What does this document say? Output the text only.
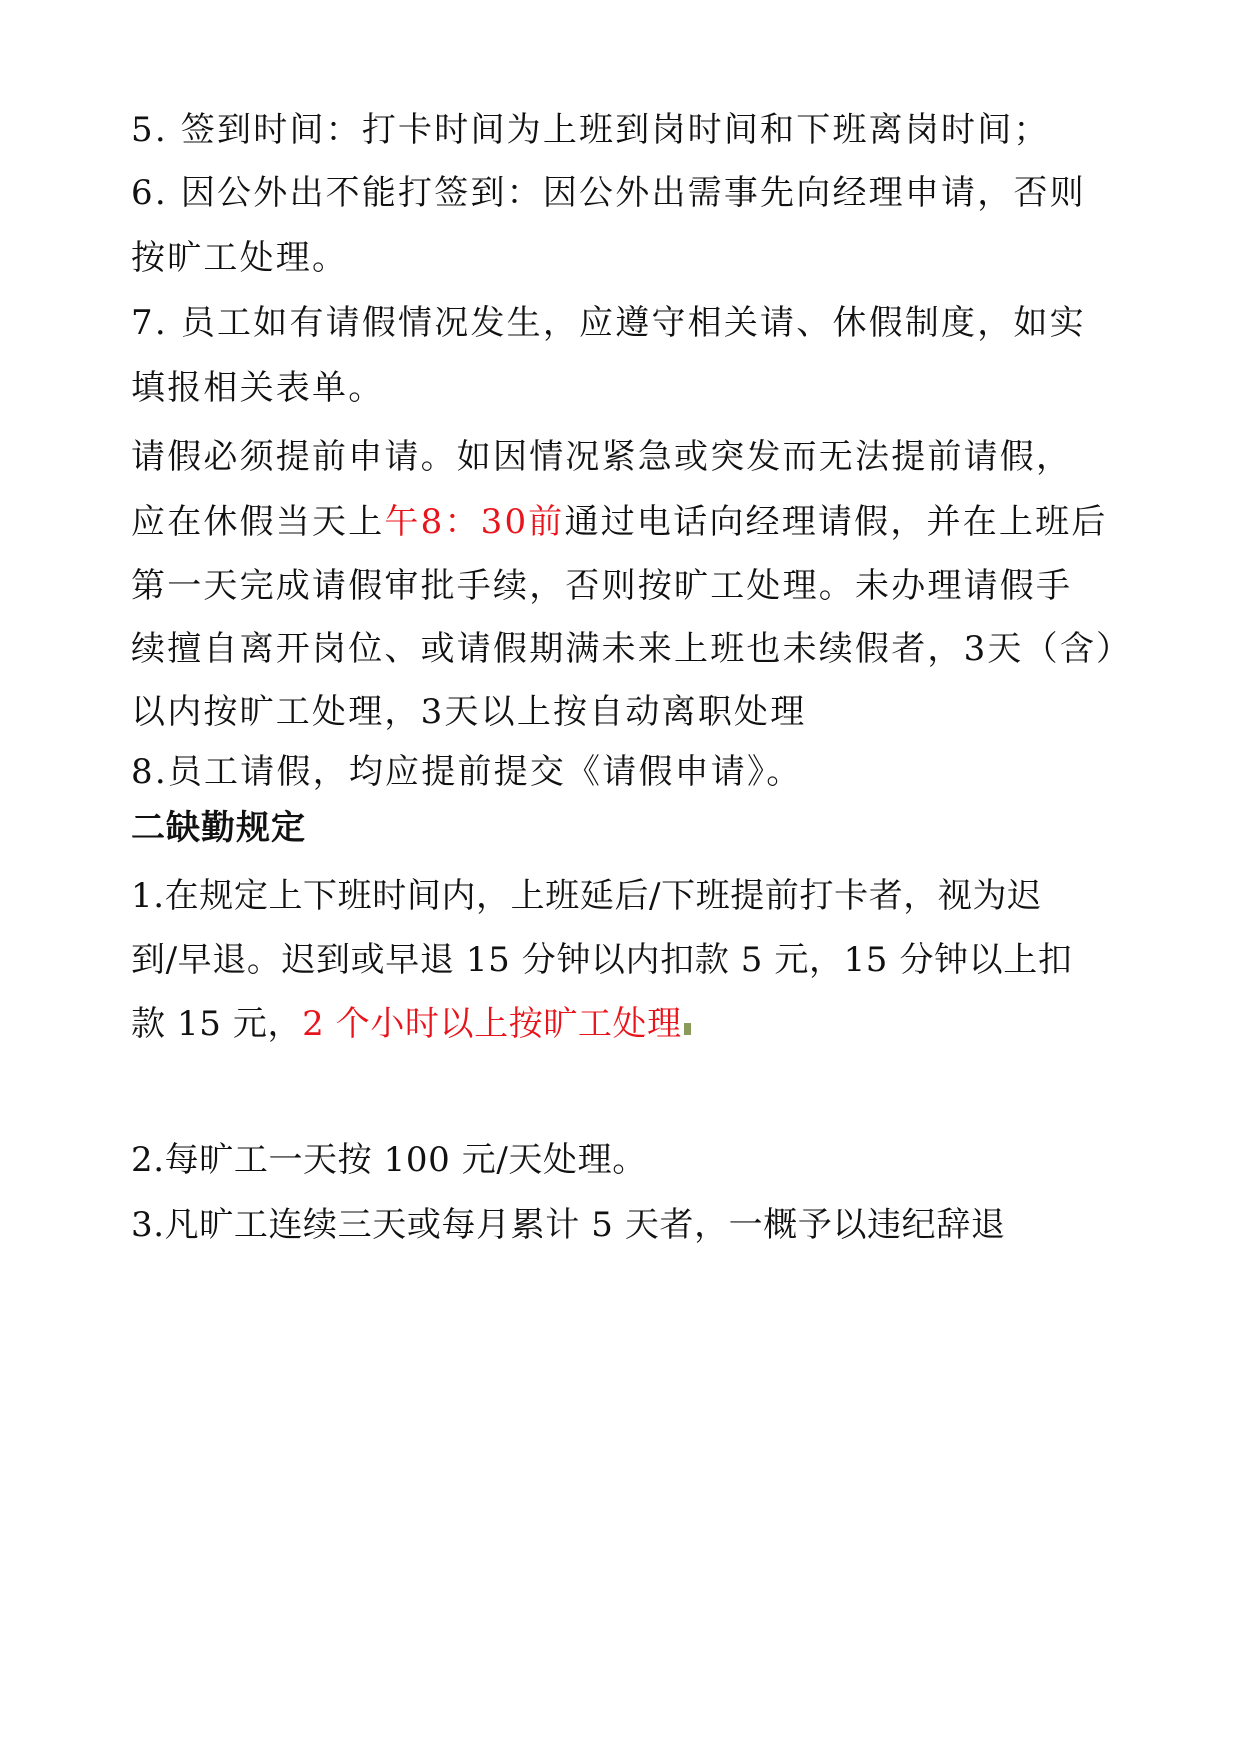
5. 签到时间：打卡时间为上班到岗时间和下班离岗时间；
6. 因公外出不能打签到：因公外出需事先向经理申请，否则
按旷工处理。
7. 员工如有请假情况发生，应遵守相关请、休假制度，如实
填报相关表单。
请假必须提前申请。如因情况紧急或突发而无法提前请假，
应在休假当天上午8：30前通过电话向经理请假，并在上班后
第一天完成请假审批手续，否则按旷工处理。未办理请假手
续擅自离开岗位、或请假期满未来上班也未续假者，3天（含）
以内按旷工处理，3天以上按自动离职处理
8.员工请假，均应提前提交《请假申请》。
二缺勤规定
1.在规定上下班时间内，上班延后/下班提前打卡者，视为迟
到/早退。迟到或早退 15 分钟以内扣款 5 元，15 分钟以上扣
款 15 元，2 个小时以上按旷工处理
2.每旷工一天按 100 元/天处理。
3.凡旷工连续三天或每月累计 5 天者，一概予以违纪辞退
